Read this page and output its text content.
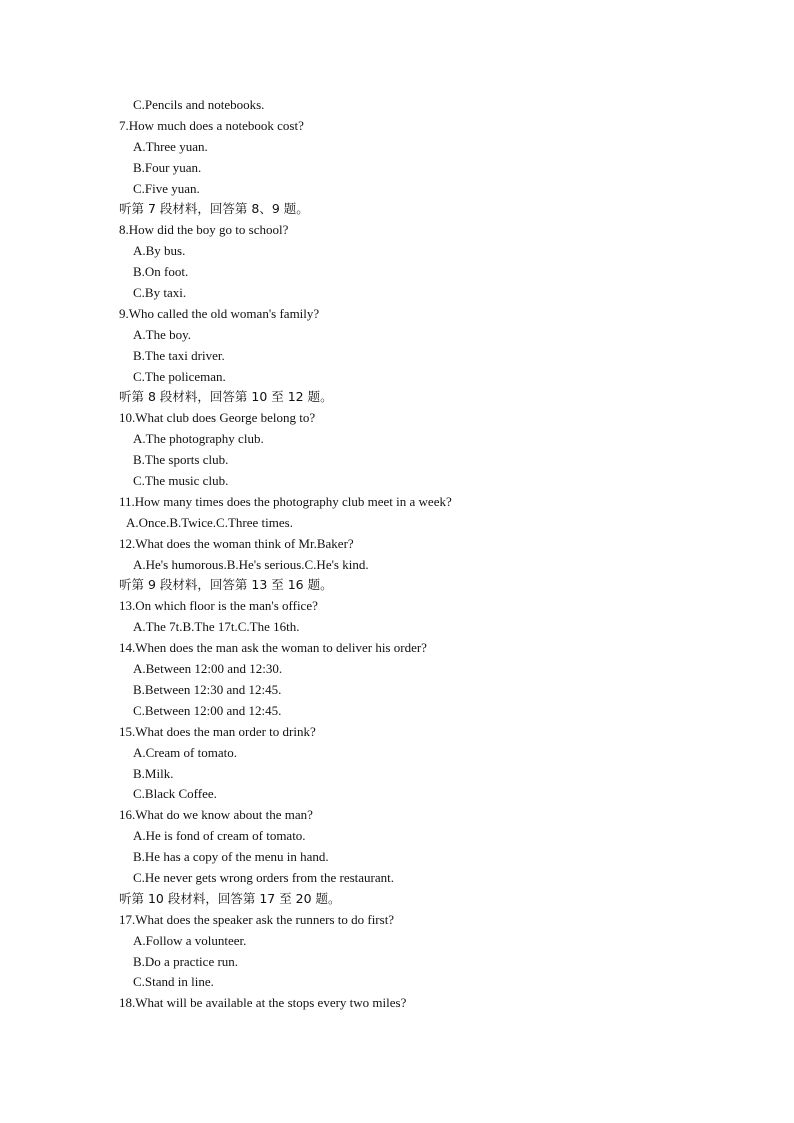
C.Pencils and notebooks.
7.How much does a notebook cost?
A.Three yuan.
B.Four yuan.
C.Five yuan.
听第 7 段材料，回答第 8、9 题。
8.How did the boy go to school?
A.By bus.
B.On foot.
C.By taxi.
9.Who called the old woman's family?
A.The boy.
B.The taxi driver.
C.The policeman.
听第 8 段材料，回答第 10 至 12 题。
10.What club does George belong to?
A.The photography club.
B.The sports club.
C.The music club.
11.How many times does the photography club meet in a week?
A.Once.B.Twice.C.Three times.
12.What does the woman think of Mr.Baker?
A.He's humorous.B.He's serious.C.He's kind.
听第 9 段材料，回答第 13 至 16 题。
13.On which floor is the man's office?
A.The 7t.B.The 17t.C.The 16th.
14.When does the man ask the woman to deliver his order?
A.Between 12:00 and 12:30.
B.Between 12:30 and 12:45.
C.Between 12:00 and 12:45.
15.What does the man order to drink?
A.Cream of tomato.
B.Milk.
C.Black Coffee.
16.What do we know about the man?
A.He is fond of cream of tomato.
B.He has a copy of the menu in hand.
C.He never gets wrong orders from the restaurant.
听第 10 段材料，回答第 17 至 20 题。
17.What does the speaker ask the runners to do first?
A.Follow a volunteer.
B.Do a practice run.
C.Stand in line.
18.What will be available at the stops every two miles?
